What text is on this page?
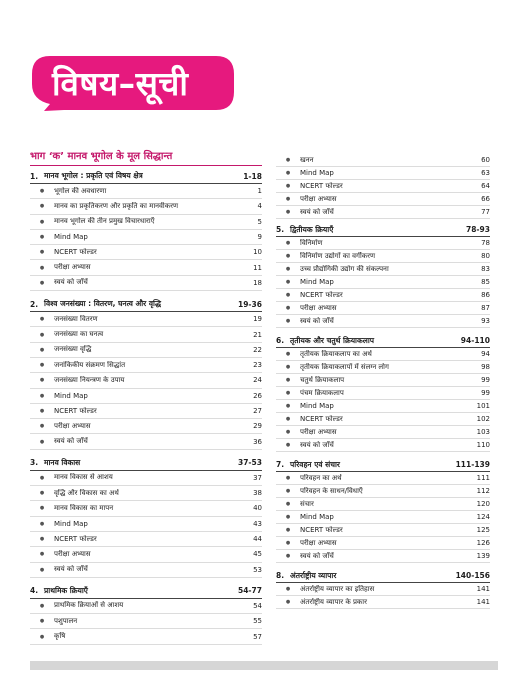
विषय–सूची
भाग ‘क’ मानव भूगोल के मूल सिद्धान्त
1. मानव भूगोल : प्रकृति एवं विषय क्षेत्र	1-18
●	भूगोल की अवधारणा	1
●	मानव का प्रकृतिकरण और प्रकृति का मानवीकरण	4
●	मानव भूगोल की तीन प्रमुख विचारधाराएँ	5
●	Mind Map	9
●	NCERT फोल्डर	10
●	परीक्षा अभ्यास	11
●	स्वयं को जाँचें	18
2. विश्व जनसंख्या : वितरण, घनत्व और वृद्धि	19-36
●	जनसंख्या वितरण	19
●	जनसंख्या का घनत्व	21
●	जनसंख्या वृद्धि	22
●	जनांकिकीय संक्रमण सिद्धांत	23
●	जनसंख्या नियन्त्रण के उपाय	24
●	Mind Map	26
●	NCERT फोल्डर	27
●	परीक्षा अभ्यास	29
●	स्वयं को जाँचें	36
3. मानव विकास	37-53
●	मानव विकास से आशय	37
●	वृद्धि और विकास का अर्थ	38
●	मानव विकास का मापन	40
●	Mind Map	43
●	NCERT फोल्डर	44
●	परीक्षा अभ्यास	45
●	स्वयं को जाँचें	53
4. प्राथमिक क्रियाएँ	54-77
●	प्राथमिक क्रियाओं से आशय	54
●	पशुपालन	55
●	कृषि	57
●	खनन	60
●	Mind Map	63
●	NCERT फोल्डर	64
●	परीक्षा अभ्यास	66
●	स्वयं को जाँचें	77
5. द्वितीयक क्रियाएँ	78-93
●	विनिर्माण	78
●	विनिर्माण उद्योगों का वर्गीकरण	80
●	उच्च प्रौद्योगिकी उद्योग की संकल्पना	83
●	Mind Map	85
●	NCERT फोल्डर	86
●	परीक्षा अभ्यास	87
●	स्वयं को जाँचें	93
6. तृतीयक और चतुर्थ क्रियाकलाप	94-110
●	तृतीयक क्रियाकलाप का अर्थ	94
●	तृतीयक क्रियाकलापों में संलग्न लोग	98
●	चतुर्थ क्रियाकलाप	99
●	पंचम क्रियाकलाप	99
●	Mind Map	101
●	NCERT फोल्डर	102
●	परीक्षा अभ्यास	103
●	स्वयं को जाँचें	110
7. परिवहन एवं संचार	111-139
●	परिवहन का अर्थ	111
●	परिवहन के साधन/विधाएँ	112
●	संचार	120
●	Mind Map	124
●	NCERT फोल्डर	125
●	परीक्षा अभ्यास	126
●	स्वयं को जाँचें	139
8. अंतर्राष्ट्रीय व्यापार	140-156
●	अंतर्राष्ट्रीय व्यापार का इतिहास	141
●	अंतर्राष्ट्रीय व्यापार के प्रकार	141
